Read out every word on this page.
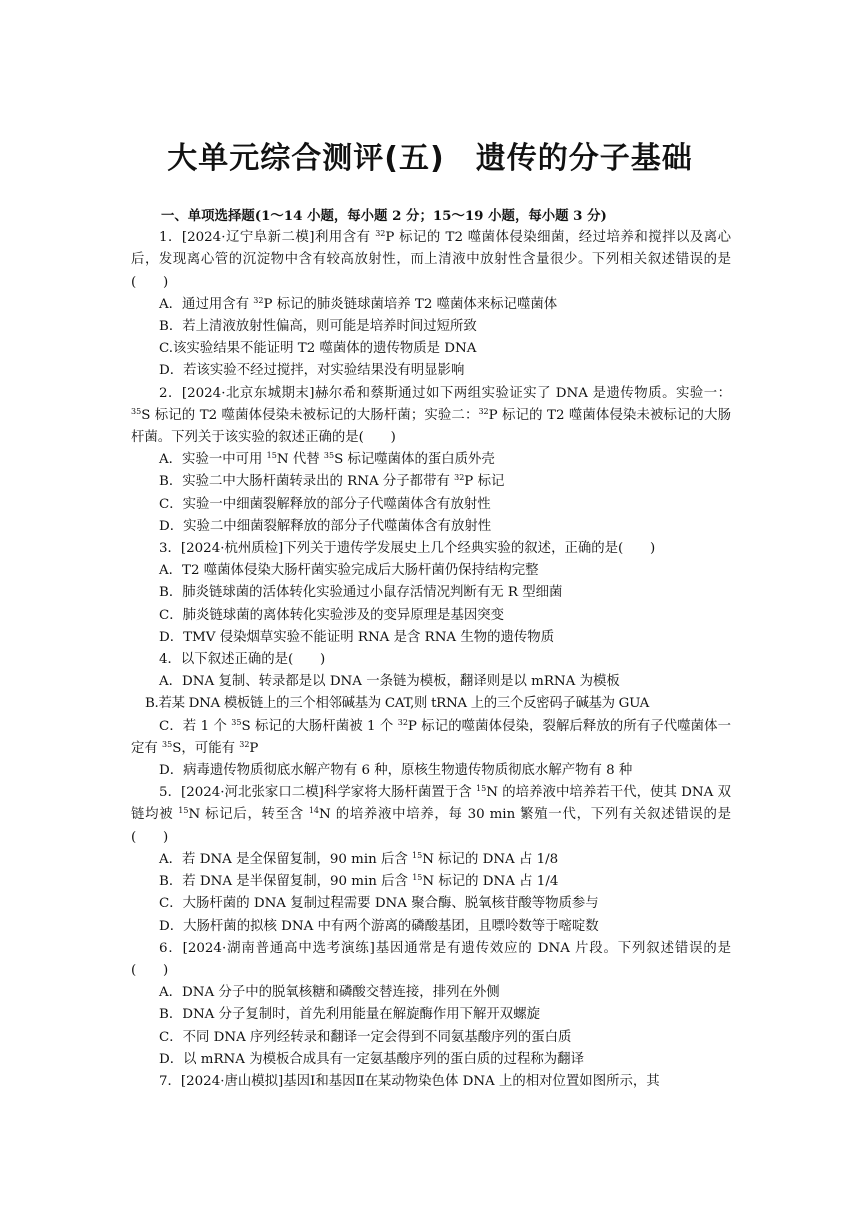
大单元综合测评(五)　遗传的分子基础
一、单项选择题(1～14 小题，每小题 2 分；15～19 小题，每小题 3 分)

1．[2024·辽宁阜新二模]利用含有 $^{32}$P 标记的 T2 噬菌体侵染细菌，经过培养和搅拌以及离心后，发现离心管的沉淀物中含有较高放射性，而上清液中放射性含量很少。下列相关叙述错误的是(　　)

A．通过用含有 $^{32}$P 标记的肺炎链球菌培养 T2 噬菌体来标记噬菌体

B．若上清液放射性偏高，则可能是培养时间过短所致

C.该实验结果不能证明 T2 噬菌体的遗传物质是 DNA

D．若该实验不经过搅拌，对实验结果没有明显影响

2．[2024·北京东城期末]赫尔希和蔡斯通过如下两组实验证实了 DNA 是遗传物质。实验一：$^{35}$S 标记的 T2 噬菌体侵染未被标记的大肠杆菌；实验二：$^{32}$P 标记的 T2 噬菌体侵染未被标记的大肠杆菌。下列关于该实验的叙述正确的是(　　)

A．实验一中可用 $^{15}$N 代替 $^{35}$S 标记噬菌体的蛋白质外壳

B．实验二中大肠杆菌转录出的 RNA 分子都带有 $^{32}$P 标记

C．实验一中细菌裂解释放的部分子代噬菌体含有放射性

D．实验二中细菌裂解释放的部分子代噬菌体含有放射性

3．[2024·杭州质检]下列关于遗传学发展史上几个经典实验的叙述，正确的是(　　)

A．T2 噬菌体侵染大肠杆菌实验完成后大肠杆菌仍保持结构完整

B．肺炎链球菌的活体转化实验通过小鼠存活情况判断有无 R 型细菌

C．肺炎链球菌的离体转化实验涉及的变异原理是基因突变

D．TMV 侵染烟草实验不能证明 RNA 是含 RNA 生物的遗传物质

4．以下叙述正确的是(　　)

A．DNA 复制、转录都是以 DNA 一条链为模板，翻译则是以 mRNA 为模板

B.若某 DNA 模板链上的三个相邻碱基为 CAT,则 tRNA 上的三个反密码子碱基为 GUA

C．若 1 个 $^{35}$S 标记的大肠杆菌被 1 个 $^{32}$P 标记的噬菌体侵染，裂解后释放的所有子代噬菌体一定有 $^{35}$S，可能有 $^{32}$P

D．病毒遗传物质彻底水解产物有 6 种，原核生物遗传物质彻底水解产物有 8 种

5．[2024·河北张家口二模]科学家将大肠杆菌置于含 $^{15}$N 的培养液中培养若干代，使其 DNA 双链均被 $^{15}$N 标记后，转至含 $^{14}$N 的培养液中培养，每 30 min 繁殖一代，下列有关叙述错误的是(　　)

A．若 DNA 是全保留复制，90 min 后含 $^{15}$N 标记的 DNA 占 1/8

B．若 DNA 是半保留复制，90 min 后含 $^{15}$N 标记的 DNA 占 1/4

C．大肠杆菌的 DNA 复制过程需要 DNA 聚合酶、脱氧核苷酸等物质参与

D．大肠杆菌的拟核 DNA 中有两个游离的磷酸基团，且嘌呤数等于嘧啶数

6．[2024·湖南普通高中选考演练]基因通常是有遗传效应的 DNA 片段。下列叙述错误的是(　　)

A．DNA 分子中的脱氧核糖和磷酸交替连接，排列在外侧

B．DNA 分子复制时，首先利用能量在解旋酶作用下解开双螺旋

C．不同 DNA 序列经转录和翻译一定会得到不同氨基酸序列的蛋白质

D．以 mRNA 为模板合成具有一定氨基酸序列的蛋白质的过程称为翻译

7．[2024·唐山模拟]基因Ⅰ和基因Ⅱ在某动物染色体 DNA 上的相对位置如图所示，其
